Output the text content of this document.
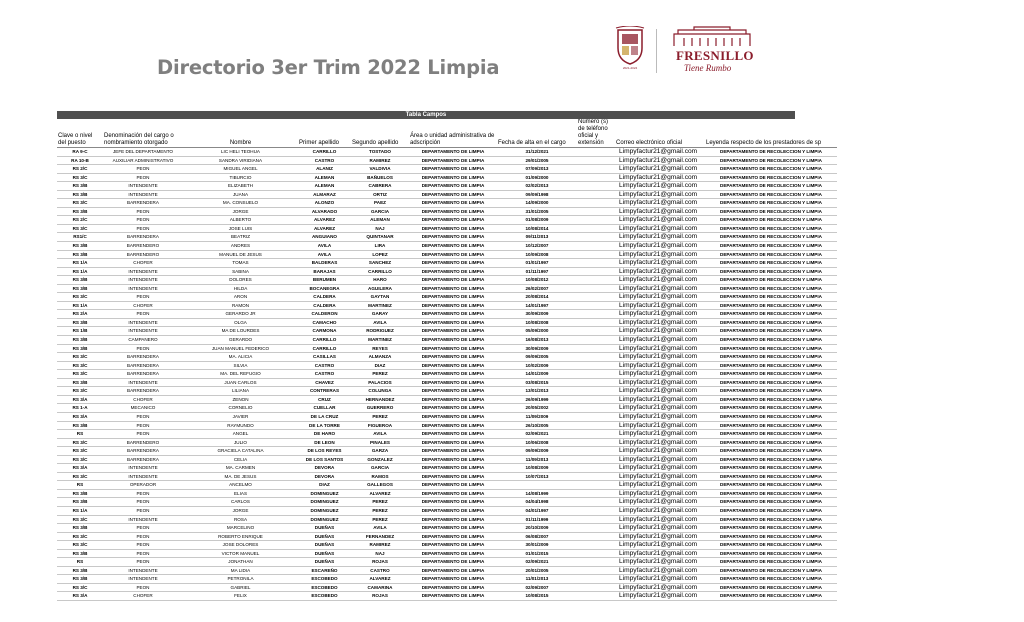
Directorio 3er Trim 2022 Limpia	2021-2024
FRESNILLO
Tiene Rumbo
Tabla Campos
Clave o nivel del puesto	Denominación del cargo o nombramiento otorgado	Nombre	Primer apellido	Segundo apellido	Área o unidad administrativa de adscripción	Fecha de alta en el cargo	Número (s) de teléfono oficial y extensión	Correo electrónico oficial	Leyenda respecto de los prestadores de sp
RA 9-C	JEFE DEL DEPARTAMENTO	LIC HELI TEOHUA	CARRILLO	TOSTADO	DEPARTAMENTO DE LIMPIA	31/12/2021		Limpyfactur21@gmail.com	DEPARTAMENTO DE RECOLECCION Y LIMPIA
RA 10-B	AUXILIAR ADMINISTRATIVO	SANDRA VIRIDIANA	CASTRO	RAMIREZ	DEPARTAMENTO DE LIMPIA	29/01/2005		Limpyfactur21@gmail.com	DEPARTAMENTO DE RECOLECCION Y LIMPIA
RS 2/C	PEON	MIGUEL ANGEL	ALANIZ	VALDIVIA	DEPARTAMENTO DE LIMPIA	07/09/2013		Limpyfactur21@gmail.com	DEPARTAMENTO DE RECOLECCION Y LIMPIA
RS 3/C	PEON	TIBURCIO	ALEMAN	BAÑUELOS	DEPARTAMENTO DE LIMPIA	01/09/2000		Limpyfactur21@gmail.com	DEPARTAMENTO DE RECOLECCION Y LIMPIA
RS 3/B	INTENDENTE	ELIZABETH	ALEMAN	CABRERA	DEPARTAMENTO DE LIMPIA	02/02/2013		Limpyfactur21@gmail.com	DEPARTAMENTO DE RECOLECCION Y LIMPIA
RS 3/B	INTENDENTE	JUANA	ALMARAZ	ORTIZ	DEPARTAMENTO DE LIMPIA	09/09/1998		Limpyfactur21@gmail.com	DEPARTAMENTO DE RECOLECCION Y LIMPIA
RS 3/C	BARRENDERA	MA. CONSUELO	ALONZO	PAEZ	DEPARTAMENTO DE LIMPIA	14/09/2000		Limpyfactur21@gmail.com	DEPARTAMENTO DE RECOLECCION Y LIMPIA
RS 3/B	PEON	JORGE	ALVARADO	GARCIA	DEPARTAMENTO DE LIMPIA	31/01/2005		Limpyfactur21@gmail.com	DEPARTAMENTO DE RECOLECCION Y LIMPIA
RS 2/C	PEON	ALBERTO	ALVAREZ	ALEMAN	DEPARTAMENTO DE LIMPIA	01/08/2009		Limpyfactur21@gmail.com	DEPARTAMENTO DE RECOLECCION Y LIMPIA
RS 3/C	PEON	JOSE LUIS	ALVAREZ	NAJ	DEPARTAMENTO DE LIMPIA	10/08/2014		Limpyfactur21@gmail.com	DEPARTAMENTO DE RECOLECCION Y LIMPIA
RS1/C	BARRENDERA	BEATRIZ	ANGUIANO	QUINTANAR	DEPARTAMENTO DE LIMPIA	09/11/2013		Limpyfactur21@gmail.com	DEPARTAMENTO DE RECOLECCION Y LIMPIA
RS 3/B	BARRENDERO	ANDRES	AVILA	LIRA	DEPARTAMENTO DE LIMPIA	10/12/2007		Limpyfactur21@gmail.com	DEPARTAMENTO DE RECOLECCION Y LIMPIA
RS 3/B	BARRENDERO	MANUEL DE JESUS	AVILA	LOPEZ	DEPARTAMENTO DE LIMPIA	10/09/2008		Limpyfactur21@gmail.com	DEPARTAMENTO DE RECOLECCION Y LIMPIA
RS 1/A	CHOFER	TOMAS	BALDERAS	SANCHEZ	DEPARTAMENTO DE LIMPIA	01/01/1997		Limpyfactur21@gmail.com	DEPARTAMENTO DE RECOLECCION Y LIMPIA
RS 1/A	INTENDENTE	SABINA	BARAJAS	CARRILLO	DEPARTAMENTO DE LIMPIA	01/11/1997		Limpyfactur21@gmail.com	DEPARTAMENTO DE RECOLECCION Y LIMPIA
RS 3/B	INTENDENTE	DOLORES	BERUMEN	HARO	DEPARTAMENTO DE LIMPIA	10/08/2012		Limpyfactur21@gmail.com	DEPARTAMENTO DE RECOLECCION Y LIMPIA
RS 3/B	INTENDENTE	HILDA	BOCANEGRA	AGUILERA	DEPARTAMENTO DE LIMPIA	26/02/2007		Limpyfactur21@gmail.com	DEPARTAMENTO DE RECOLECCION Y LIMPIA
RS 3/C	PEON	ARON	CALDERA	GAYTAN	DEPARTAMENTO DE LIMPIA	20/08/2014		Limpyfactur21@gmail.com	DEPARTAMENTO DE RECOLECCION Y LIMPIA
RS 1/A	CHOFER	RAMON	CALDERA	MARTINEZ	DEPARTAMENTO DE LIMPIA	14/01/1997		Limpyfactur21@gmail.com	DEPARTAMENTO DE RECOLECCION Y LIMPIA
RS 2/A	PEON	GERARDO JR	CALDERON	GARAY	DEPARTAMENTO DE LIMPIA	30/09/2009		Limpyfactur21@gmail.com	DEPARTAMENTO DE RECOLECCION Y LIMPIA
RS 3/B	INTENDENTE	OLGA	CAMACHO	AVILA	DEPARTAMENTO DE LIMPIA	10/08/2008		Limpyfactur21@gmail.com	DEPARTAMENTO DE RECOLECCION Y LIMPIA
RS 1/B	INTENDENTE	MA DE LOURDES	CARMONA	RODRIGUEZ	DEPARTAMENTO DE LIMPIA	05/09/2000		Limpyfactur21@gmail.com	DEPARTAMENTO DE RECOLECCION Y LIMPIA
RS 3/B	CAMPANERO	GERARDO	CARRILLO	MARTINEZ	DEPARTAMENTO DE LIMPIA	16/08/2013		Limpyfactur21@gmail.com	DEPARTAMENTO DE RECOLECCION Y LIMPIA
RS 3/B	PEON	JUAN MANUEL FEDERICO	CARRILLO	REYES	DEPARTAMENTO DE LIMPIA	30/09/2009		Limpyfactur21@gmail.com	DEPARTAMENTO DE RECOLECCION Y LIMPIA
RS 3/C	BARRENDERA	MA. ALICIA	CASILLAS	ALMANZA	DEPARTAMENTO DE LIMPIA	09/09/2005		Limpyfactur21@gmail.com	DEPARTAMENTO DE RECOLECCION Y LIMPIA
RS 3/C	BARRENDERA	SILVIA	CASTRO	DIAZ	DEPARTAMENTO DE LIMPIA	10/02/2009		Limpyfactur21@gmail.com	DEPARTAMENTO DE RECOLECCION Y LIMPIA
RS 3/C	BARRENDERA	MA. DEL REFUGIO	CASTRO	PEREZ	DEPARTAMENTO DE LIMPIA	14/01/2009		Limpyfactur21@gmail.com	DEPARTAMENTO DE RECOLECCION Y LIMPIA
RS 3/B	INTENDENTE	JUAN CARLOS	CHAVEZ	PALACIOS	DEPARTAMENTO DE LIMPIA	03/08/2015		Limpyfactur21@gmail.com	DEPARTAMENTO DE RECOLECCION Y LIMPIA
RS 3/C	BARRENDERA	LILIANA	CONTRERAS	COLUNGA	DEPARTAMENTO DE LIMPIA	13/01/2013		Limpyfactur21@gmail.com	DEPARTAMENTO DE RECOLECCION Y LIMPIA
RS 3/A	CHOFER	ZENON	CRUZ	HERNANDEZ	DEPARTAMENTO DE LIMPIA	26/09/1999		Limpyfactur21@gmail.com	DEPARTAMENTO DE RECOLECCION Y LIMPIA
RS 1-A	MECANICO	CORNELIO	CUELLAR	GUERRERO	DEPARTAMENTO DE LIMPIA	20/05/2002		Limpyfactur21@gmail.com	DEPARTAMENTO DE RECOLECCION Y LIMPIA
RS 3/A	PEON	JAVIER	DE LA CRUZ	PEREZ	DEPARTAMENTO DE LIMPIA	11/09/2009		Limpyfactur21@gmail.com	DEPARTAMENTO DE RECOLECCION Y LIMPIA
RS 3/B	PEON	RAYMUNDO	DE LA TORRE	FIGUEROA	DEPARTAMENTO DE LIMPIA	26/10/2005		Limpyfactur21@gmail.com	DEPARTAMENTO DE RECOLECCION Y LIMPIA
RS	PEON	ANGEL	DE HARO	AVILA	DEPARTAMENTO DE LIMPIA	02/09/2021		Limpyfactur21@gmail.com	DEPARTAMENTO DE RECOLECCION Y LIMPIA
RS 3/C	BARRENDERO	JULIO	DE LEON	PINALES	DEPARTAMENTO DE LIMPIA	10/06/2008		Limpyfactur21@gmail.com	DEPARTAMENTO DE RECOLECCION Y LIMPIA
RS 3/C	BARRENDERA	GRACIELA CATALINA	DE LOS REYES	GARZA	DEPARTAMENTO DE LIMPIA	09/09/2009		Limpyfactur21@gmail.com	DEPARTAMENTO DE RECOLECCION Y LIMPIA
RS 3/C	BARRENDERA	CELIA	DE LOS SANTOS	GONZALEZ	DEPARTAMENTO DE LIMPIA	11/09/2013		Limpyfactur21@gmail.com	DEPARTAMENTO DE RECOLECCION Y LIMPIA
RS 3/A	INTENDENTE	MA. CARMEN	DEVORA	GARCIA	DEPARTAMENTO DE LIMPIA	10/08/2009		Limpyfactur21@gmail.com	DEPARTAMENTO DE RECOLECCION Y LIMPIA
RS 3/C	INTENDENTE	MA. DE JESUS	DEVORA	RAMOS	DEPARTAMENTO DE LIMPIA	10/07/2013		Limpyfactur21@gmail.com	DEPARTAMENTO DE RECOLECCION Y LIMPIA
RS	OPERADOR	ANCELMO	DIAZ	GALLEGOS	DEPARTAMENTO DE LIMPIA			Limpyfactur21@gmail.com	DEPARTAMENTO DE RECOLECCION Y LIMPIA
RS 3/B	PEON	ELIAS	DOMINGUEZ	ALVAREZ	DEPARTAMENTO DE LIMPIA	14/08/1999		Limpyfactur21@gmail.com	DEPARTAMENTO DE RECOLECCION Y LIMPIA
RS 3/B	PEON	CARLOS	DOMINGUEZ	PEREZ	DEPARTAMENTO DE LIMPIA	04/04/1998		Limpyfactur21@gmail.com	DEPARTAMENTO DE RECOLECCION Y LIMPIA
RS 1/A	PEON	JORGE	DOMINGUEZ	PEREZ	DEPARTAMENTO DE LIMPIA	04/01/1997		Limpyfactur21@gmail.com	DEPARTAMENTO DE RECOLECCION Y LIMPIA
RS 3/C	INTENDENTE	ROSA	DOMINGUEZ	PEREZ	DEPARTAMENTO DE LIMPIA	01/11/1999		Limpyfactur21@gmail.com	DEPARTAMENTO DE RECOLECCION Y LIMPIA
RS 3/B	PEON	MARCELINO	DUEÑAS	AVILA	DEPARTAMENTO DE LIMPIA	20/10/2009		Limpyfactur21@gmail.com	DEPARTAMENTO DE RECOLECCION Y LIMPIA
RS 3/C	PEON	ROBERTO ENRIQUE	DUEÑAS	FERNANDEZ	DEPARTAMENTO DE LIMPIA	06/08/2007		Limpyfactur21@gmail.com	DEPARTAMENTO DE RECOLECCION Y LIMPIA
RS 3/C	PEON	JOSE DOLORES	DUEÑAS	RAMIREZ	DEPARTAMENTO DE LIMPIA	30/01/2009		Limpyfactur21@gmail.com	DEPARTAMENTO DE RECOLECCION Y LIMPIA
RS 3/B	PEON	VICTOR MANUEL	DUEÑAS	NAJ	DEPARTAMENTO DE LIMPIA	01/01/2015		Limpyfactur21@gmail.com	DEPARTAMENTO DE RECOLECCION Y LIMPIA
RS	PEON	JONATHAN	DUEÑAS	ROJAS	DEPARTAMENTO DE LIMPIA	02/09/2021		Limpyfactur21@gmail.com	DEPARTAMENTO DE RECOLECCION Y LIMPIA
RS 3/B	INTENDENTE	MA LIDIA	ESCAREÑO	CASTRO	DEPARTAMENTO DE LIMPIA	20/01/2005		Limpyfactur21@gmail.com	DEPARTAMENTO DE RECOLECCION Y LIMPIA
RS 3/B	INTENDENTE	PETRONILA	ESCOBEDO	ALVAREZ	DEPARTAMENTO DE LIMPIA	11/01/2013		Limpyfactur21@gmail.com	DEPARTAMENTO DE RECOLECCION Y LIMPIA
RS 3/C	PEON	GABRIEL	ESCOBEDO	CAMARINA	DEPARTAMENTO DE LIMPIA	02/09/2007		Limpyfactur21@gmail.com	DEPARTAMENTO DE RECOLECCION Y LIMPIA
RS 3/A	CHOFER	FELIX	ESCOBEDO	ROJAS	DEPARTAMENTO DE LIMPIA	10/08/2015		Limpyfactur21@gmail.com	DEPARTAMENTO DE RECOLECCION Y LIMPIA
